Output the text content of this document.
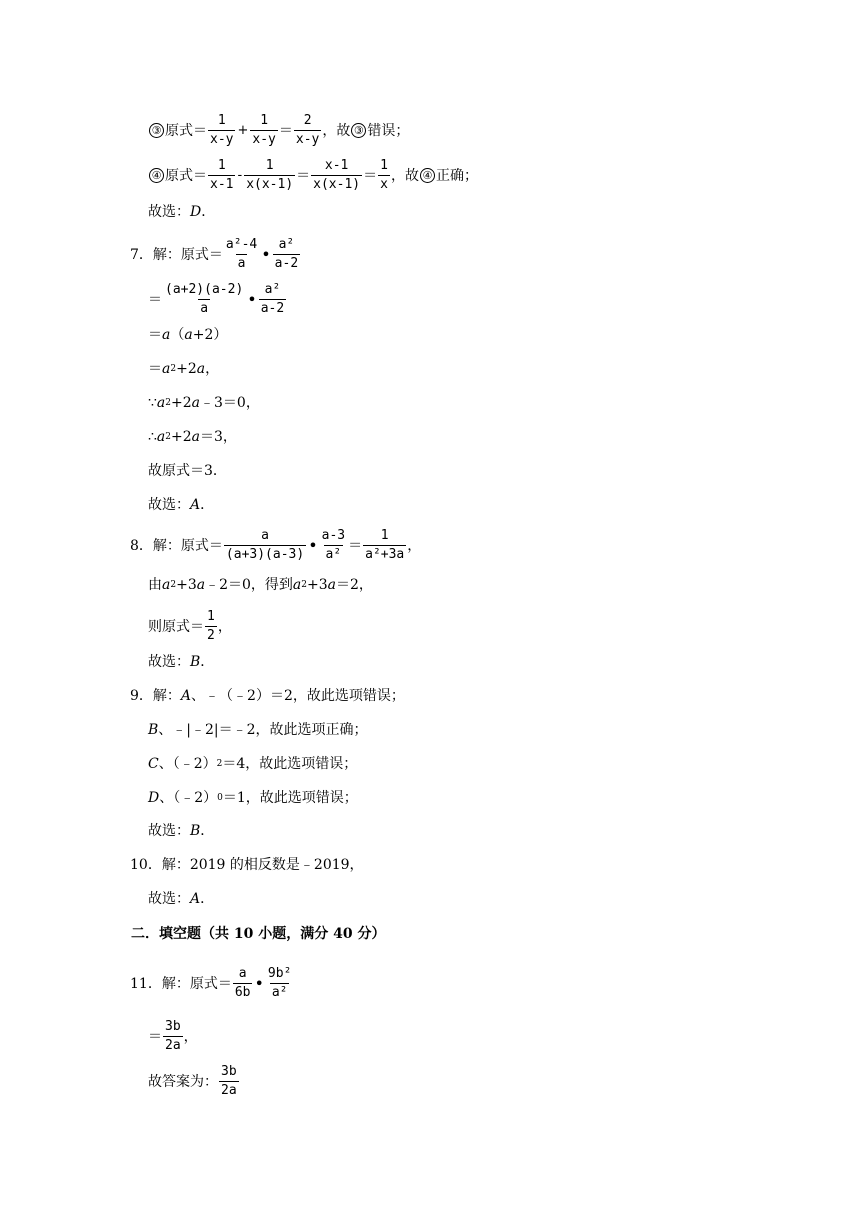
③ 原式＝ $\frac{1}{x-y} + \frac{1}{x-y} = \frac{2}{x-y}$ ，故 ③ 错误；
④ 原式＝ $\frac{1}{x-1} - \frac{1}{x(x-1)} = \frac{x-1}{x(x-1)} = \frac{1}{x}$ ，故 ④ 正确；
故选： D ．
7． 解：原式＝ $\frac{\text{a²-4}}{a}$ • $\frac{\text{a²}}{a-2}$
＝ $\frac{(a+2)(a-2)}{a}$ • $\frac{\text{a²}}{a-2}$
＝ a （ a +2）
＝ a 2 +2 a ，
∵ a 2 +2 a ﹣3＝0，
∴ a 2 +2 a ＝3，
故原式＝3．
故选： A ．
8． 解：原式＝ $\frac{a}{(a+3)(a-3)}$ • $\frac{a-3}{\text{a²}} = \frac{1}{\text{a²+3a}}$ ，
由 a 2 +3 a ﹣2＝0，得到 a 2 +3 a ＝2，
则原式＝ $\frac{1}{2}$ ，
故选： B ．
9． 解： A 、﹣（﹣2）＝2，故此选项错误；
B 、﹣|﹣2|＝﹣2，故此选项正确；
C 、（﹣2） 2 ＝4，故此选项错误；
D 、（﹣2） 0 ＝1，故此选项错误；
故选： B ．
10． 解：2019 的相反数是﹣2019，
故选： A ．
二．填空题（共 10 小题，满分 40 分）
11． 解：原式＝ $\frac{a}{6b}$ • $\frac{\text{9b²}}{\text{a²}}$
＝ $\frac{3b}{2a}$ ，
故答案为： $\frac{3b}{2a}$
